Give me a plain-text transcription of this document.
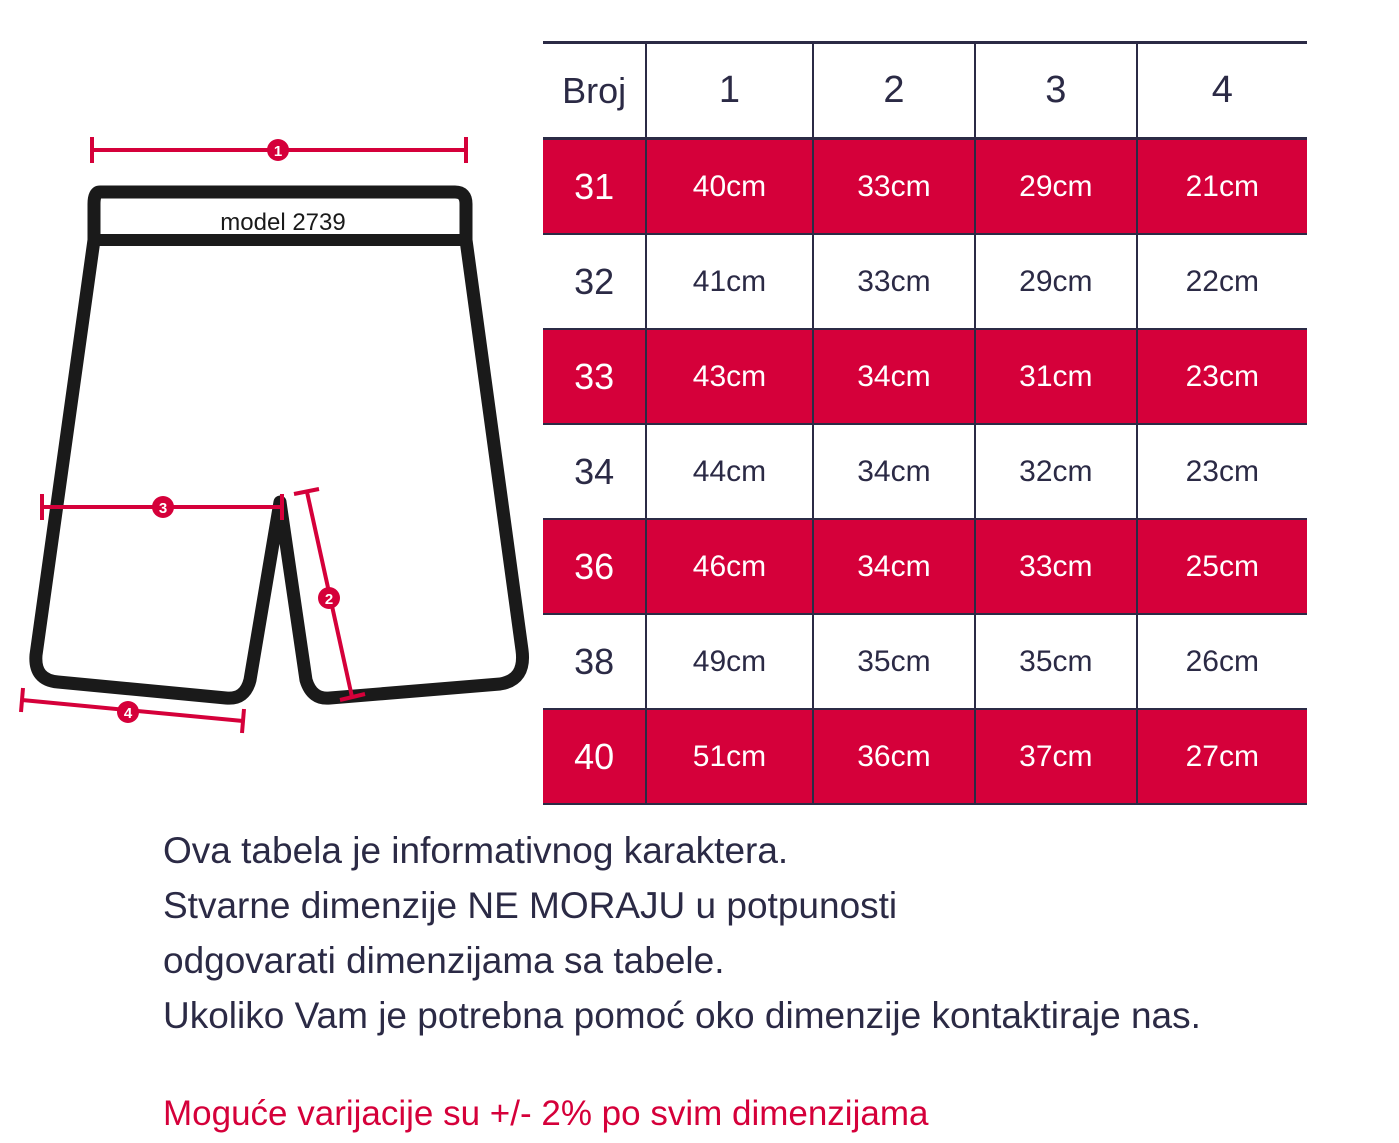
model 2739
1
3
2
4
Broj	1	2	3	4
31	40cm	33cm	29cm	21cm
32	41cm	33cm	29cm	22cm
33	43cm	34cm	31cm	23cm
34	44cm	34cm	32cm	23cm
36	46cm	34cm	33cm	25cm
38	49cm	35cm	35cm	26cm
40	51cm	36cm	37cm	27cm
Ova tabela je informativnog karaktera.
Stvarne dimenzije NE MORAJU u potpunosti
odgovarati dimenzijama sa tabele.
Ukoliko Vam je potrebna pomoć oko dimenzije kontaktiraje nas.
Moguće varijacije su +/- 2% po svim dimenzijama
